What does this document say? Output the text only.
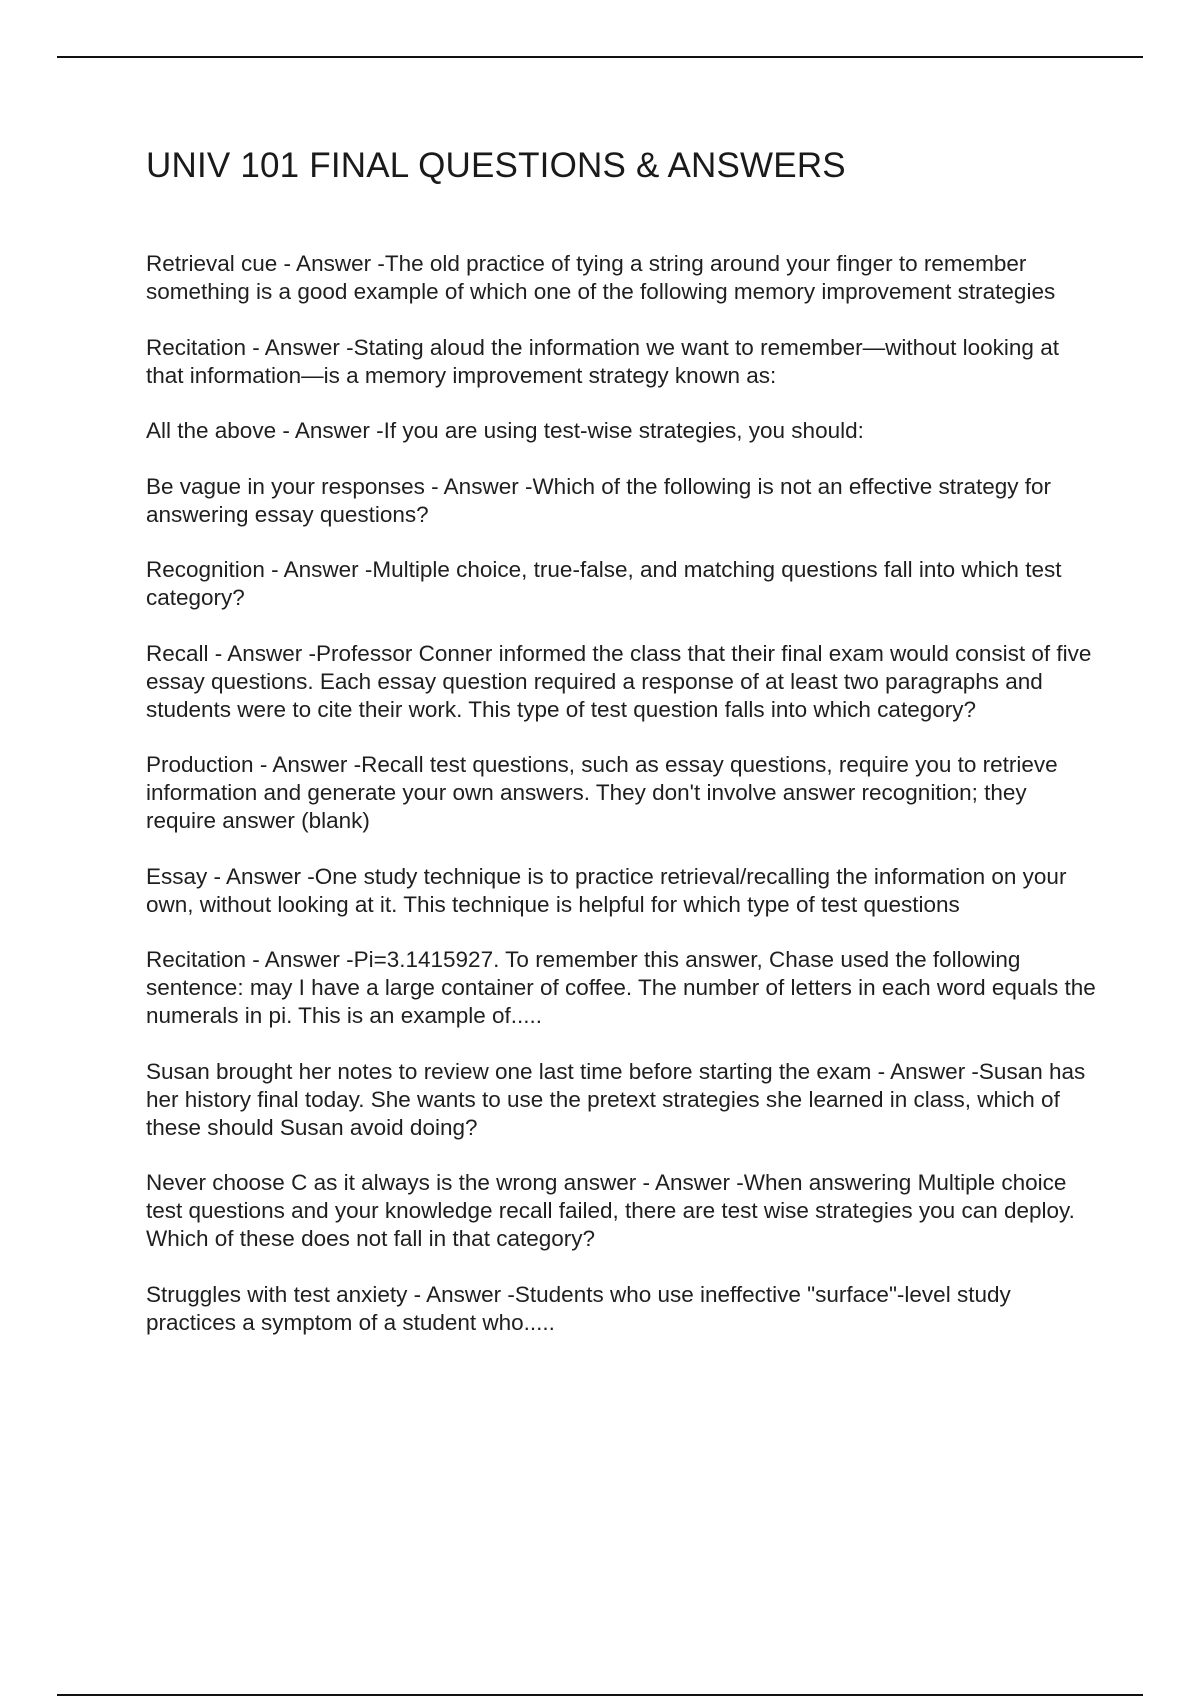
UNIV 101 FINAL QUESTIONS & ANSWERS
Retrieval cue - Answer -The old practice of tying a string around your finger to remember something is a good example of which one of the following memory improvement strategies
Recitation - Answer -Stating aloud the information we want to remember—without looking at that information—is a memory improvement strategy known as:
All the above - Answer -If you are using test-wise strategies, you should:
Be vague in your responses - Answer -Which of the following is not an effective strategy for answering essay questions?
Recognition - Answer -Multiple choice, true-false, and matching questions fall into which test category?
Recall - Answer -Professor Conner informed the class that their final exam would consist of five essay questions. Each essay question required a response of at least two paragraphs and students were to cite their work. This type of test question falls into which category?
Production - Answer -Recall test questions, such as essay questions, require you to retrieve information and generate your own answers. They don't involve answer recognition; they require answer (blank)
Essay - Answer -One study technique is to practice retrieval/recalling the information on your own, without looking at it. This technique is helpful for which type of test questions
Recitation - Answer -Pi=3.1415927. To remember this answer, Chase used the following sentence: may I have a large container of coffee. The number of letters in each word equals the numerals in pi. This is an example of.....
Susan brought her notes to review one last time before starting the exam - Answer -Susan has her history final today. She wants to use the pretext strategies she learned in class, which of these should Susan avoid doing?
Never choose C as it always is the wrong answer - Answer -When answering Multiple choice test questions and your knowledge recall failed, there are test wise strategies you can deploy. Which of these does not fall in that category?
Struggles with test anxiety - Answer -Students who use ineffective "surface"-level study practices a symptom of a student who.....
